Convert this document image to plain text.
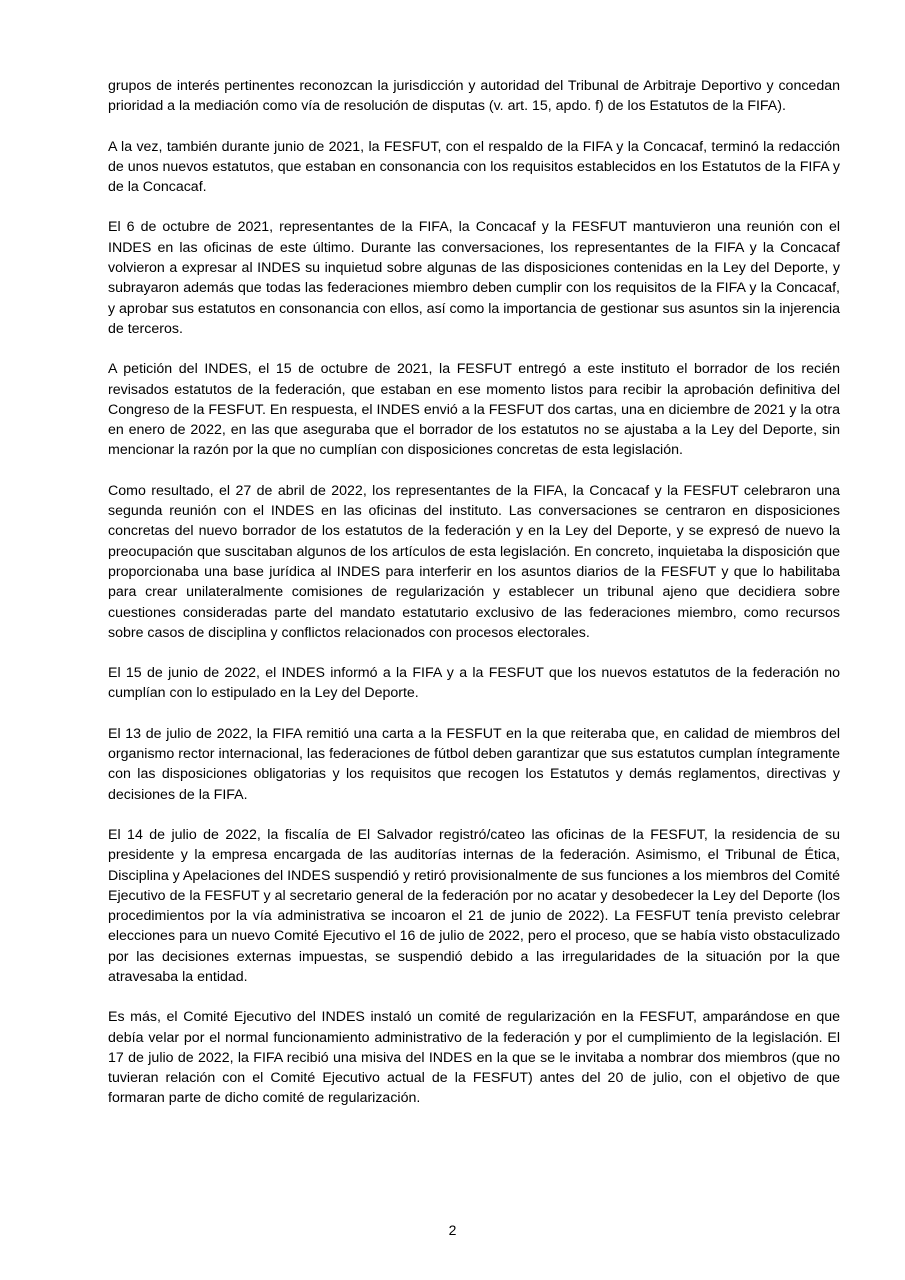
grupos de interés pertinentes reconozcan la jurisdicción y autoridad del Tribunal de Arbitraje Deportivo y concedan prioridad a la mediación como vía de resolución de disputas (v. art. 15, apdo. f) de los Estatutos de la FIFA).

A la vez, también durante junio de 2021, la FESFUT, con el respaldo de la FIFA y la Concacaf, terminó la redacción de unos nuevos estatutos, que estaban en consonancia con los requisitos establecidos en los Estatutos de la FIFA y de la Concacaf.

El 6 de octubre de 2021, representantes de la FIFA, la Concacaf y la FESFUT mantuvieron una reunión con el INDES en las oficinas de este último. Durante las conversaciones, los representantes de la FIFA y la Concacaf volvieron a expresar al INDES su inquietud sobre algunas de las disposiciones contenidas en la Ley del Deporte, y subrayaron además que todas las federaciones miembro deben cumplir con los requisitos de la FIFA y la Concacaf, y aprobar sus estatutos en consonancia con ellos, así como la importancia de gestionar sus asuntos sin la injerencia de terceros.

A petición del INDES, el 15 de octubre de 2021, la FESFUT entregó a este instituto el borrador de los recién revisados estatutos de la federación, que estaban en ese momento listos para recibir la aprobación definitiva del Congreso de la FESFUT. En respuesta, el INDES envió a la FESFUT dos cartas, una en diciembre de 2021 y la otra en enero de 2022, en las que aseguraba que el borrador de los estatutos no se ajustaba a la Ley del Deporte, sin mencionar la razón por la que no cumplían con disposiciones concretas de esta legislación.

Como resultado, el 27 de abril de 2022, los representantes de la FIFA, la Concacaf y la FESFUT celebraron una segunda reunión con el INDES en las oficinas del instituto. Las conversaciones se centraron en disposiciones concretas del nuevo borrador de los estatutos de la federación y en la Ley del Deporte, y se expresó de nuevo la preocupación que suscitaban algunos de los artículos de esta legislación. En concreto, inquietaba la disposición que proporcionaba una base jurídica al INDES para interferir en los asuntos diarios de la FESFUT y que lo habilitaba para crear unilateralmente comisiones de regularización y establecer un tribunal ajeno que decidiera sobre cuestiones consideradas parte del mandato estatutario exclusivo de las federaciones miembro, como recursos sobre casos de disciplina y conflictos relacionados con procesos electorales.

El 15 de junio de 2022, el INDES informó a la FIFA y a la FESFUT que los nuevos estatutos de la federación no cumplían con lo estipulado en la Ley del Deporte.

El 13 de julio de 2022, la FIFA remitió una carta a la FESFUT en la que reiteraba que, en calidad de miembros del organismo rector internacional, las federaciones de fútbol deben garantizar que sus estatutos cumplan íntegramente con las disposiciones obligatorias y los requisitos que recogen los Estatutos y demás reglamentos, directivas y decisiones de la FIFA.

El 14 de julio de 2022, la fiscalía de El Salvador registró/cateo las oficinas de la FESFUT, la residencia de su presidente y la empresa encargada de las auditorías internas de la federación. Asimismo, el Tribunal de Ética, Disciplina y Apelaciones del INDES suspendió y retiró provisionalmente de sus funciones a los miembros del Comité Ejecutivo de la FESFUT y al secretario general de la federación por no acatar y desobedecer la Ley del Deporte (los procedimientos por la vía administrativa se incoaron el 21 de junio de 2022). La FESFUT tenía previsto celebrar elecciones para un nuevo Comité Ejecutivo el 16 de julio de 2022, pero el proceso, que se había visto obstaculizado por las decisiones externas impuestas, se suspendió debido a las irregularidades de la situación por la que atravesaba la entidad.

Es más, el Comité Ejecutivo del INDES instaló un comité de regularización en la FESFUT, amparándose en que debía velar por el normal funcionamiento administrativo de la federación y por el cumplimiento de la legislación. El 17 de julio de 2022, la FIFA recibió una misiva del INDES en la que se le invitaba a nombrar dos miembros (que no tuvieran relación con el Comité Ejecutivo actual de la FESFUT) antes del 20 de julio, con el objetivo de que formaran parte de dicho comité de regularización.

2
